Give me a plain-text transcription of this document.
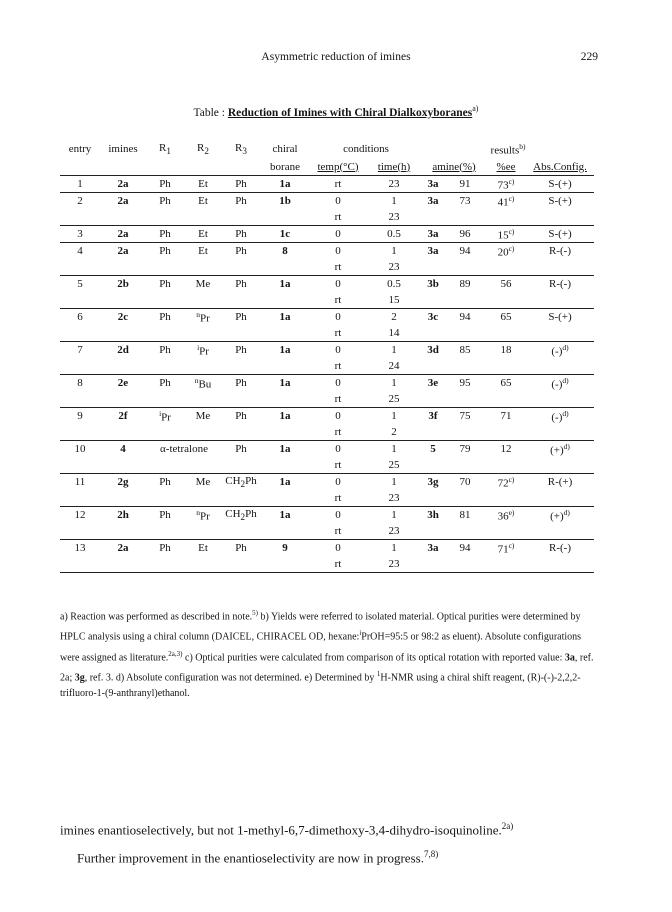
Asymmetric reduction of imines	229
Table : Reduction of Imines with Chiral Dialkoxyboranes$^{a)}$
entry	imines	$R_1$	$R_2$	$R_3$	chiral	conditions		results$^{b)}$
					borane	temp(°C)	time(h)	amine(%)		%ee	Abs.Config.
1	2a	Ph	Et	Ph	1a	rt	23	3a	91	73$^{c)}$	S-(+)
2	2a	Ph	Et	Ph	1b	0	1	3a	73	41$^{c)}$	S-(+)
						rt	23				
3	2a	Ph	Et	Ph	1c	0	0.5	3a	96	15$^{c)}$	S-(+)
4	2a	Ph	Et	Ph	8	0	1	3a	94	20$^{c)}$	R-(-)
						rt	23				
5	2b	Ph	Me	Ph	1a	0	0.5	3b	89	56	R-(-)
						rt	15				
6	2c	Ph	$^n$Pr	Ph	1a	0	2	3c	94	65	S-(+)
						rt	14				
7	2d	Ph	$^i$Pr	Ph	1a	0	1	3d	85	18	$(-)^{d)}$
						rt	24				
8	2e	Ph	$^n$Bu	Ph	1a	0	1	3e	95	65	$(-)^{d)}$
						rt	25				
9	2f	$^i$Pr	Me	Ph	1a	0	1	3f	75	71	$(-)^{d)}$
						rt	2				
10	4	α-tetralone		Ph	1a	0	1	5	79	12	$(+)^{d)}$
						rt	25				
11	2g	Ph	Me	$CH_2Ph$	1a	0	1	3g	70	72$^{c)}$	R-(+)
						rt	23				
12	2h	Ph	$^n$Pr	$CH_2Ph$	1a	0	1	3h	81	36$^{e)}$	$(+)^{d)}$
						rt	23				
13	2a	Ph	Et	Ph	9	0	1	3a	94	71$^{c)}$	R-(-)
						rt	23				

a) Reaction was performed as described in note.$^{5)}$ b) Yields were referred to isolated material. Optical purities were determined by HPLC analysis using a chiral column (DAICEL, CHIRACEL OD, hexane:$^i$PrOH=95:5 or 98:2 as eluent). Absolute configurations were assigned as literature.$^{2a,3)}$ c) Optical purities were calculated from comparison of its optical rotation with reported value: 3a, ref. 2a; 3g, ref. 3. d) Absolute configuration was not determined. e) Determined by $^1$H-NMR using a chiral shift reagent, (R)-(-)-2,2,2-trifluoro-1-(9-anthranyl)ethanol.

imines enantioselectively, but not 1-methyl-6,7-dimethoxy-3,4-dihydro-isoquinoline.$^{2a)}$

Further improvement in the enantioselectivity are now in progress.$^{7,8)}$
